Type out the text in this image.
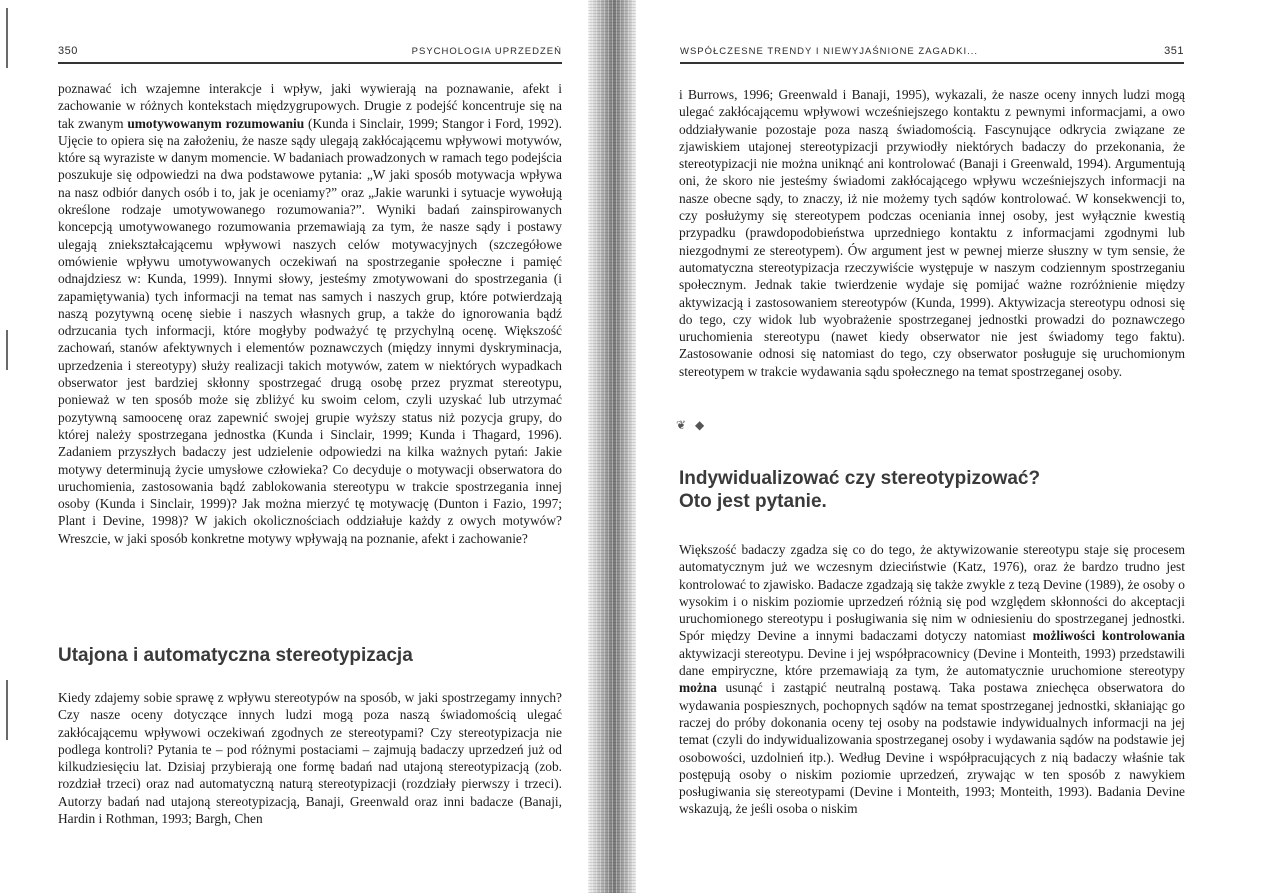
350	PSYCHOLOGIA UPRZEDZEŃ

poznawać ich wzajemne interakcje i wpływ, jaki wywierają na poznawanie, afekt i zachowanie w różnych kontekstach międzygrupowych. Drugie z podejść koncentruje się na tak zwanym umotywowanym rozumowaniu (Kunda i Sinclair, 1999; Stangor i Ford, 1992). Ujęcie to opiera się na założeniu, że nasze sądy ulegają zakłócającemu wpływowi motywów, które są wyraziste w danym momencie. W badaniach prowadzonych w ramach tego podejścia poszukuje się odpowiedzi na dwa podstawowe pytania: „W jaki sposób motywacja wpływa na nasz odbiór danych osób i to, jak je oceniamy?” oraz „Jakie warunki i sytuacje wywołują określone rodzaje umotywowanego rozumowania?”. Wyniki badań zainspirowanych koncepcją umotywowanego rozumowania przemawiają za tym, że nasze sądy i postawy ulegają zniekształcającemu wpływowi naszych celów motywacyjnych (szczegółowe omówienie wpływu umotywowanych oczekiwań na spostrzeganie społeczne i pamięć odnajdziesz w: Kunda, 1999). Innymi słowy, jesteśmy zmotywowani do spostrzegania (i zapamiętywania) tych informacji na temat nas samych i naszych grup, które potwierdzają naszą pozytywną ocenę siebie i naszych własnych grup, a także do ignorowania bądź odrzucania tych informacji, które mogłyby podważyć tę przychylną ocenę. Większość zachowań, stanów afektywnych i elementów poznawczych (między innymi dyskryminacja, uprzedzenia i stereotypy) służy realizacji takich motywów, zatem w niektórych wypadkach obserwator jest bardziej skłonny spostrzegać drugą osobę przez pryzmat stereotypu, ponieważ w ten sposób może się zbliżyć ku swoim celom, czyli uzyskać lub utrzymać pozytywną samoocenę oraz zapewnić swojej grupie wyższy status niż pozycja grupy, do której należy spostrzegana jednostka (Kunda i Sinclair, 1999; Kunda i Thagard, 1996). Zadaniem przyszłych badaczy jest udzielenie odpowiedzi na kilka ważnych pytań: Jakie motywy determinują życie umysłowe człowieka? Co decyduje o motywacji obserwatora do uruchomienia, zastosowania bądź zablokowania stereotypu w trakcie spostrzegania innej osoby (Kunda i Sinclair, 1999)? Jak można mierzyć tę motywację (Dunton i Fazio, 1997; Plant i Devine, 1998)? W jakich okolicznościach oddziałuje każdy z owych motywów? Wreszcie, w jaki sposób konkretne motywy wpływają na poznanie, afekt i zachowanie?

Utajona i automatyczna stereotypizacja

Kiedy zdajemy sobie sprawę z wpływu stereotypów na sposób, w jaki spostrzegamy innych? Czy nasze oceny dotyczące innych ludzi mogą poza naszą świadomością ulegać zakłócającemu wpływowi oczekiwań zgodnych ze stereotypami? Czy stereotypizacja nie podlega kontroli? Pytania te – pod różnymi postaciami – zajmują badaczy uprzedzeń już od kilkudziesięciu lat. Dzisiaj przybierają one formę badań nad utajoną stereotypizacją (zob. rozdział trzeci) oraz nad automatyczną naturą stereotypizacji (rozdziały pierwszy i trzeci). Autorzy badań nad utajoną stereotypizacją, Banaji, Greenwald oraz inni badacze (Banaji, Hardin i Rothman, 1993; Bargh, Chen

WSPÓŁCZESNE TRENDY I NIEWYJAŚNIONE ZAGADKI...	351

i Burrows, 1996; Greenwald i Banaji, 1995), wykazali, że nasze oceny innych ludzi mogą ulegać zakłócającemu wpływowi wcześniejszego kontaktu z pewnymi informacjami, a owo oddziaływanie pozostaje poza naszą świadomością. Fascynujące odkrycia związane ze zjawiskiem utajonej stereotypizacji przywiodły niektórych badaczy do przekonania, że stereotypizacji nie można uniknąć ani kontrolować (Banaji i Greenwald, 1994). Argumentują oni, że skoro nie jesteśmy świadomi zakłócającego wpływu wcześniejszych informacji na nasze obecne sądy, to znaczy, iż nie możemy tych sądów kontrolować. W konsekwencji to, czy posłużymy się stereotypem podczas oceniania innej osoby, jest wyłącznie kwestią przypadku (prawdopodobieństwa uprzedniego kontaktu z informacjami zgodnymi lub niezgodnymi ze stereotypem). Ów argument jest w pewnej mierze słuszny w tym sensie, że automatyczna stereotypizacja rzeczywiście występuje w naszym codziennym spostrzeganiu społecznym. Jednak takie twierdzenie wydaje się pomijać ważne rozróżnienie między aktywizacją i zastosowaniem stereotypów (Kunda, 1999). Aktywizacja stereotypu odnosi się do tego, czy widok lub wyobrażenie spostrzeganej jednostki prowadzi do poznawczego uruchomienia stereotypu (nawet kiedy obserwator nie jest świadomy tego faktu). Zastosowanie odnosi się natomiast do tego, czy obserwator posługuje się uruchomionym stereotypem w trakcie wydawania sądu społecznego na temat spostrzeganej osoby.

❦ ◆
Indywidualizować czy stereotypizować?
Oto jest pytanie.

Większość badaczy zgadza się co do tego, że aktywizowanie stereotypu staje się procesem automatycznym już we wczesnym dzieciństwie (Katz, 1976), oraz że bardzo trudno jest kontrolować to zjawisko. Badacze zgadzają się także zwykle z tezą Devine (1989), że osoby o wysokim i o niskim poziomie uprzedzeń różnią się pod względem skłonności do akceptacji uruchomionego stereotypu i posługiwania się nim w odniesieniu do spostrzeganej jednostki. Spór między Devine a innymi badaczami dotyczy natomiast możliwości kontrolowania aktywizacji stereotypu. Devine i jej współpracownicy (Devine i Monteith, 1993) przedstawili dane empiryczne, które przemawiają za tym, że automatycznie uruchomione stereotypy można usunąć i zastąpić neutralną postawą. Taka postawa zniechęca obserwatora do wydawania pospiesznych, pochopnych sądów na temat spostrzeganej jednostki, skłaniając go raczej do próby dokonania oceny tej osoby na podstawie indywidualnych informacji na jej temat (czyli do indywidualizowania spostrzeganej osoby i wydawania sądów na podstawie jej osobowości, uzdolnień itp.). Według Devine i współpracujących z nią badaczy właśnie tak postępują osoby o niskim poziomie uprzedzeń, zrywając w ten sposób z nawykiem posługiwania się stereotypami (Devine i Monteith, 1993; Monteith, 1993). Badania Devine wskazują, że jeśli osoba o niskim
